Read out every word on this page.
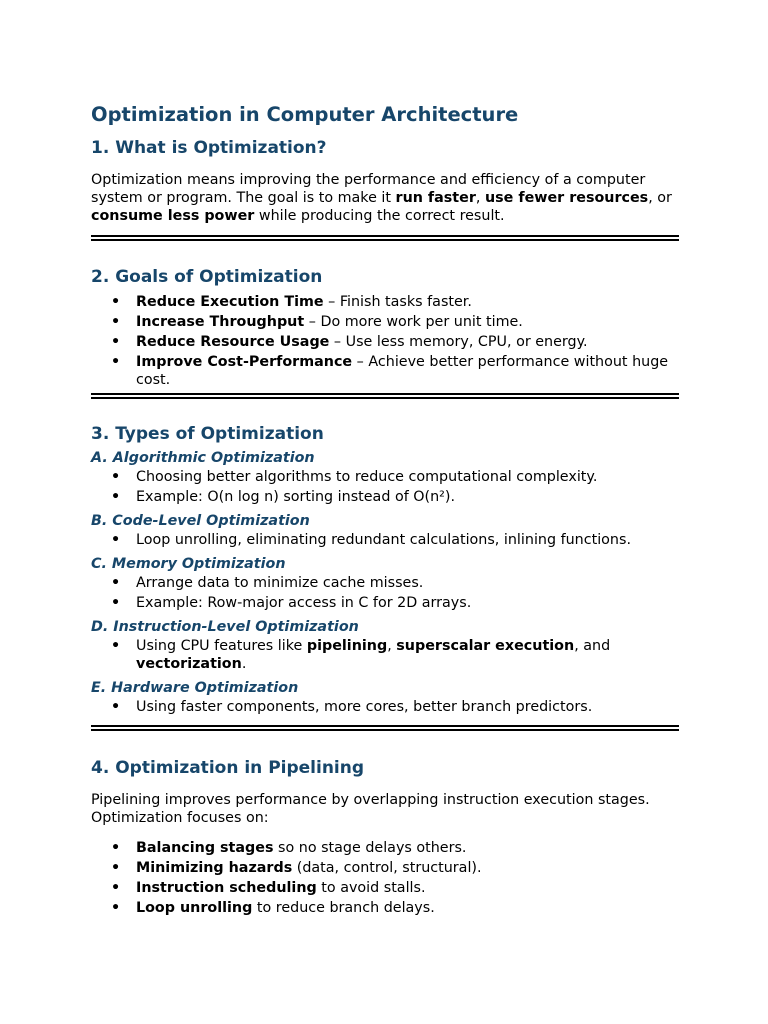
Optimization in Computer Architecture
1. What is Optimization?

Optimization means improving the performance and efficiency of a computer system or program. The goal is to make it run faster, use fewer resources, or consume less power while producing the correct result.

2. Goals of Optimization
• Reduce Execution Time – Finish tasks faster.
• Increase Throughput – Do more work per unit time.
• Reduce Resource Usage – Use less memory, CPU, or energy.
• Improve Cost-Performance – Achieve better performance without huge cost.
3. Types of Optimization
A. Algorithmic Optimization
• Choosing better algorithms to reduce computational complexity.
• Example: O(n log n) sorting instead of O(n²).
B. Code-Level Optimization
• Loop unrolling, eliminating redundant calculations, inlining functions.
C. Memory Optimization
• Arrange data to minimize cache misses.
• Example: Row-major access in C for 2D arrays.
D. Instruction-Level Optimization
• Using CPU features like pipelining, superscalar execution, and
vectorization.
E. Hardware Optimization
• Using faster components, more cores, better branch predictors.
4. Optimization in Pipelining

Pipelining improves performance by overlapping instruction execution stages. Optimization focuses on:

• Balancing stages so no stage delays others.
• Minimizing hazards (data, control, structural).
• Instruction scheduling to avoid stalls.
• Loop unrolling to reduce branch delays.
